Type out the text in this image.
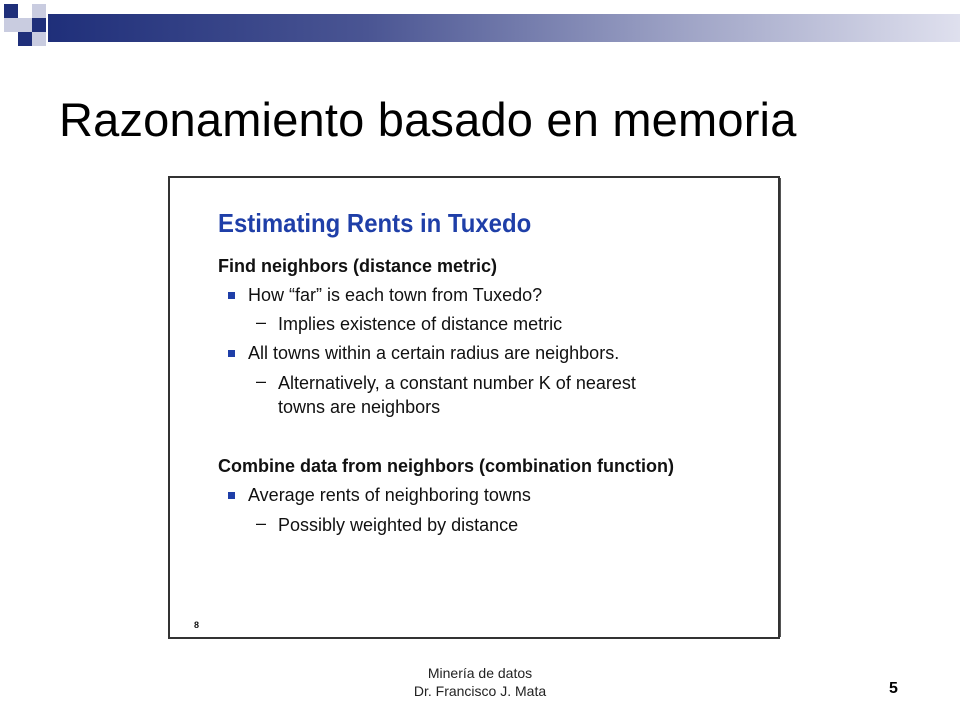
Razonamiento basado en memoria
Estimating Rents in Tuxedo

Find neighbors (distance metric)

How “far” is each town from Tuxedo?
– Implies existence of distance metric
All towns within a certain radius are neighbors.
– Alternatively, a constant number K of nearest
towns are neighbors

Combine data from neighbors (combination function)

Average rents of neighboring towns
– Possibly weighted by distance
8
Minería de datos
Dr. Francisco J. Mata	5
